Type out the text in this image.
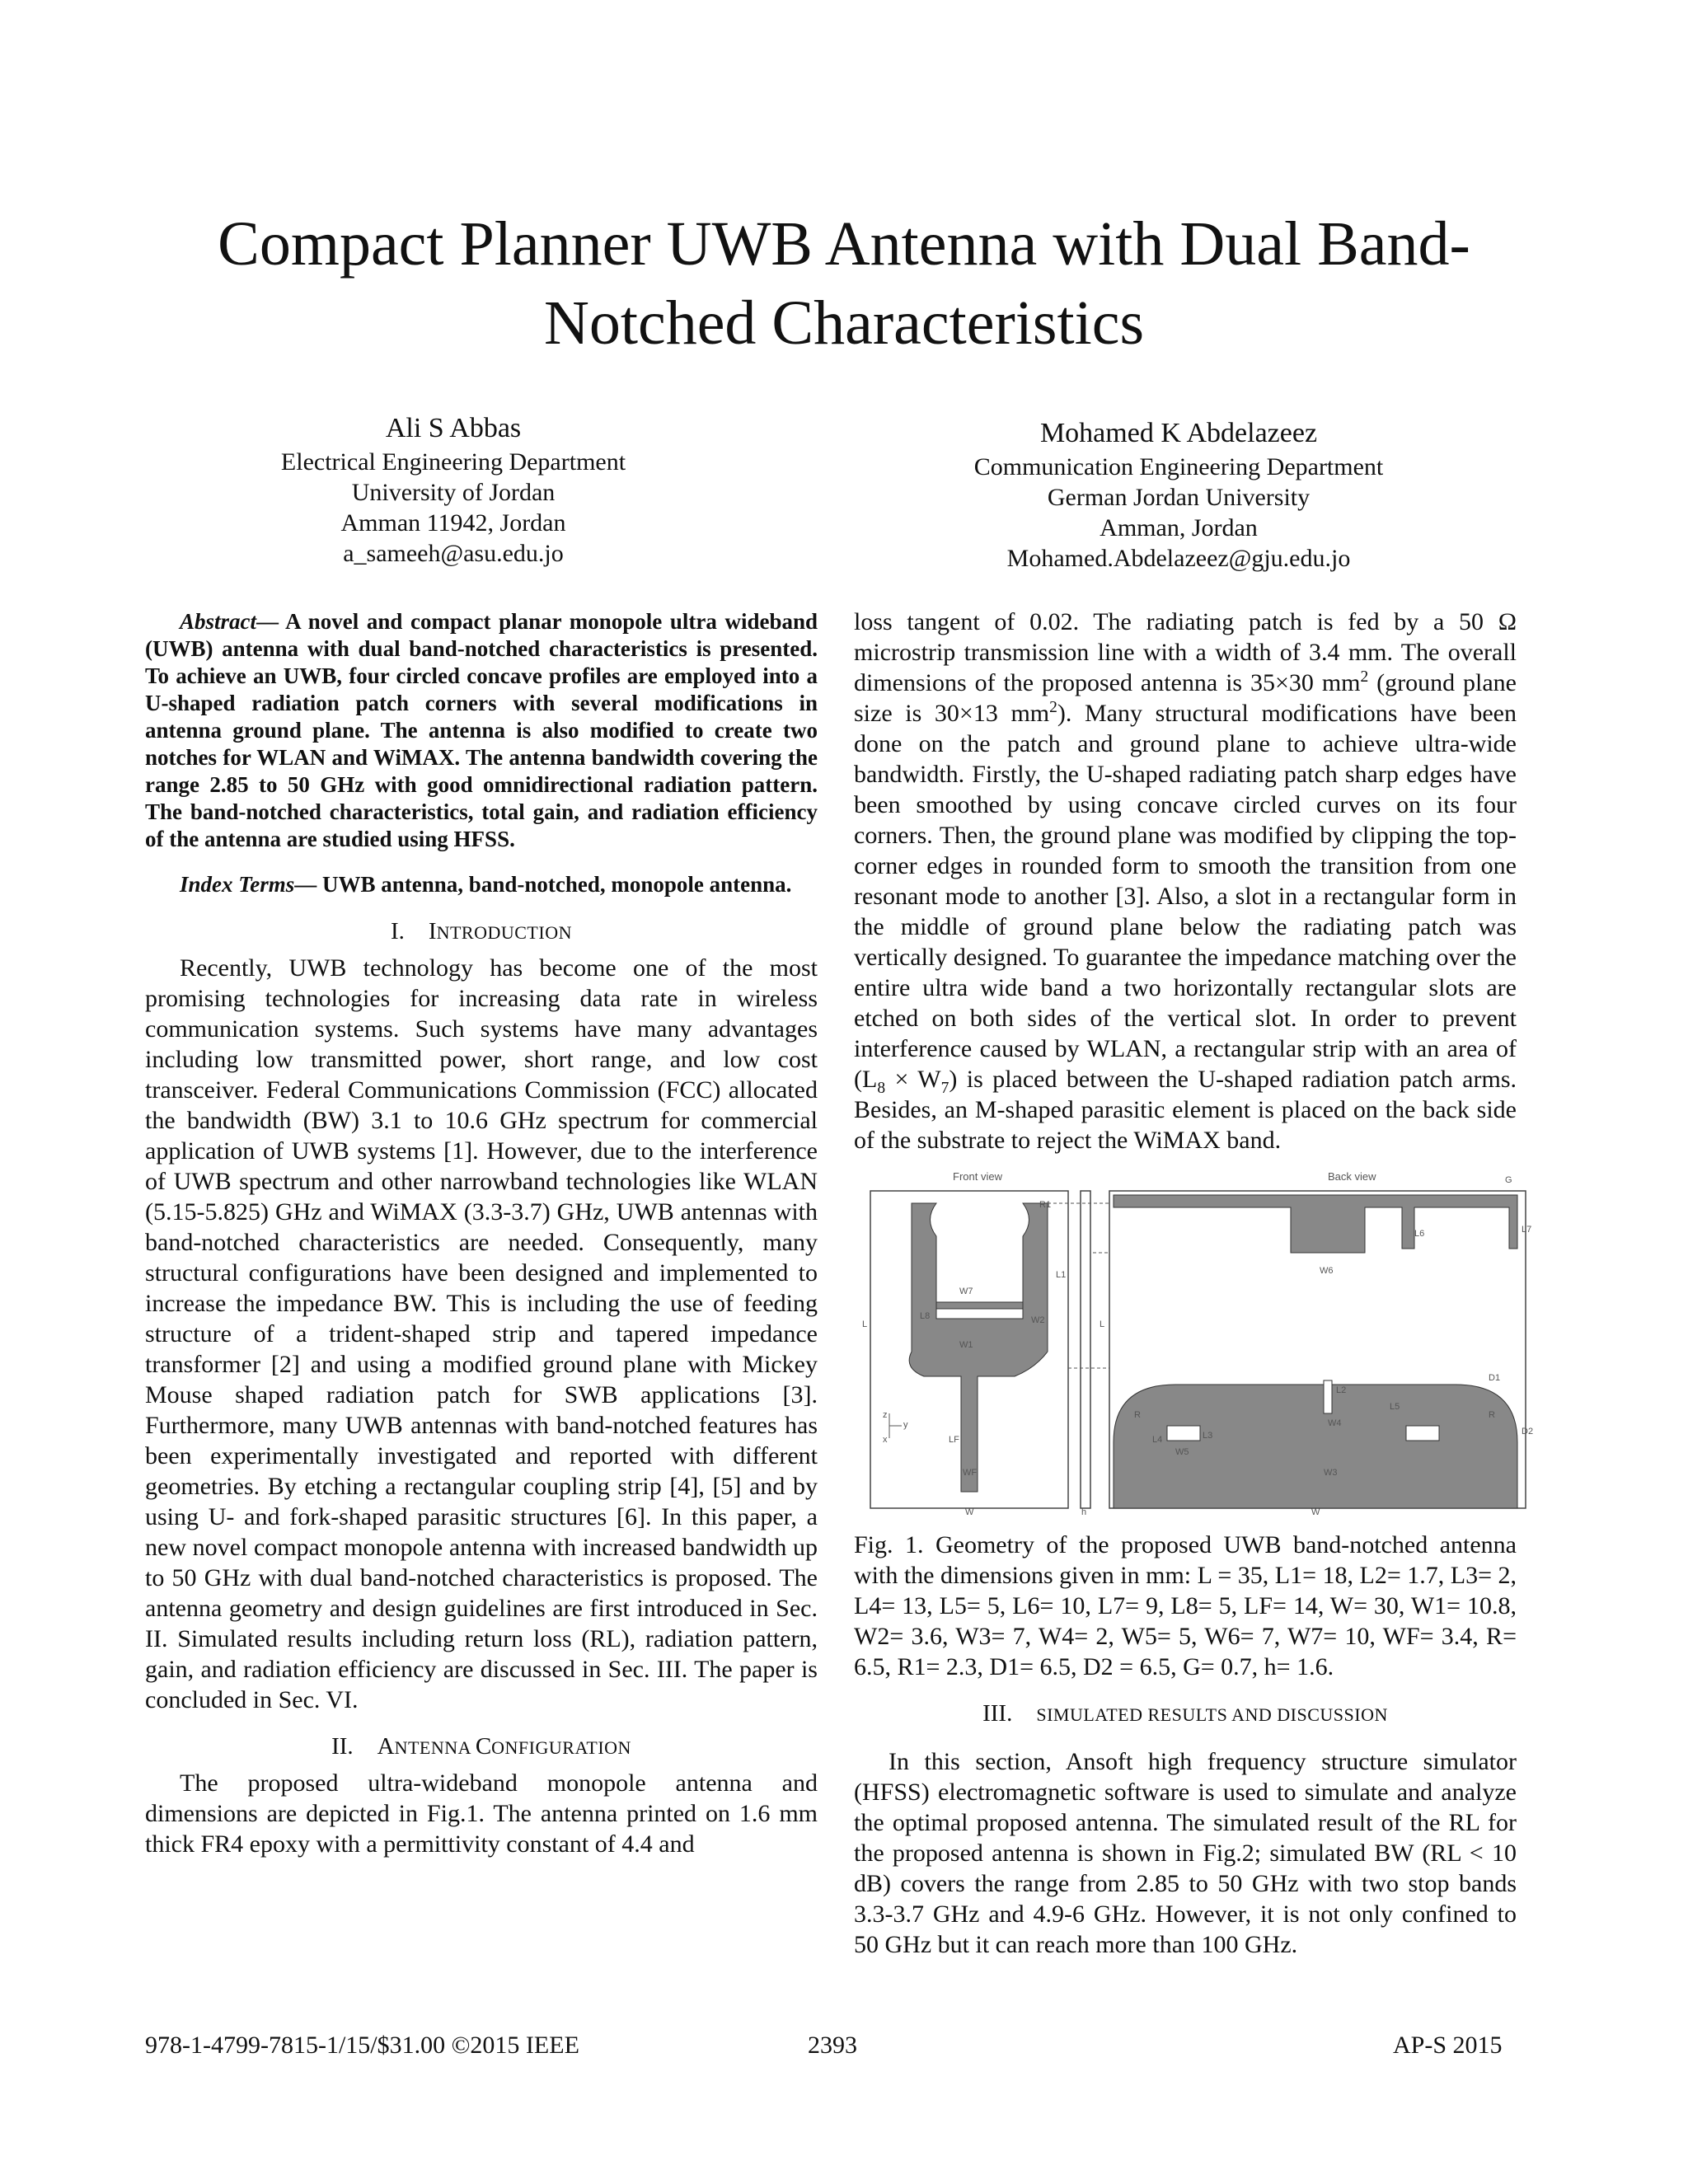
Compact Planner UWB Antenna with Dual Band-
Notched Characteristics
Ali S Abbas
Electrical Engineering Department
University of Jordan
Amman 11942, Jordan
a_sameeh@asu.edu.jo
Mohamed K Abdelazeez
Communication Engineering Department
German Jordan University
Amman, Jordan
Mohamed.Abdelazeez@gju.edu.jo

Abstract— A novel and compact planar monopole ultra wideband (UWB) antenna with dual band-notched characteristics is presented. To achieve an UWB, four circled concave profiles are employed into a U-shaped radiation patch corners with several modifications in antenna ground plane. The antenna is also modified to create two notches for WLAN and WiMAX. The antenna bandwidth covering the range 2.85 to 50 GHz with good omnidirectional radiation pattern. The band-notched characteristics, total gain, and radiation efficiency of the antenna are studied using HFSS.

Index Terms— UWB antenna, band-notched, monopole antenna.

I. INTRODUCTION

Recently, UWB technology has become one of the most promising technologies for increasing data rate in wireless communication systems. Such systems have many advantages including low transmitted power, short range, and low cost transceiver. Federal Communications Commission (FCC) allocated the bandwidth (BW) 3.1 to 10.6 GHz spectrum for commercial application of UWB systems [1]. However, due to the interference of UWB spectrum and other narrowband technologies like WLAN (5.15-5.825) GHz and WiMAX (3.3-3.7) GHz, UWB antennas with band-notched characteristics are needed. Consequently, many structural configurations have been designed and implemented to increase the impedance BW. This is including the use of feeding structure of a trident-shaped strip and tapered impedance transformer [2] and using a modified ground plane with Mickey Mouse shaped radiation patch for SWB applications [3]. Furthermore, many UWB antennas with band-notched features has been experimentally investigated and reported with different geometries. By etching a rectangular coupling strip [4], [5] and by using U- and fork-shaped parasitic structures [6]. In this paper, a new novel compact monopole antenna with increased bandwidth up to 50 GHz with dual band-notched characteristics is proposed. The antenna geometry and design guidelines are first introduced in Sec. II. Simulated results including return loss (RL), radiation pattern, gain, and radiation efficiency are discussed in Sec. III. The paper is concluded in Sec. VI.

II. ANTENNA CONFIGURATION

The proposed ultra-wideband monopole antenna and dimensions are depicted in Fig.1. The antenna printed on 1.6 mm thick FR4 epoxy with a permittivity constant of 4.4 and

loss tangent of 0.02. The radiating patch is fed by a 50 Ω microstrip transmission line with a width of 3.4 mm. The overall dimensions of the proposed antenna is 35×30 $mm^2$ (ground plane size is 30×13 $mm^2$). Many structural modifications have been done on the patch and ground plane to achieve ultra-wide bandwidth. Firstly, the U-shaped radiating patch sharp edges have been smoothed by using concave circled curves on its four corners. Then, the ground plane was modified by clipping the top-corner edges in rounded form to smooth the transition from one resonant mode to another [3]. Also, a slot in a rectangular form in the middle of ground plane below the radiating patch was vertically designed. To guarantee the impedance matching over the entire ultra wide band a two horizontally rectangular slots are etched on both sides of the vertical slot. In order to prevent interference caused by WLAN, a rectangular strip with an area of $(L_8 \times W_7)$ is placed between the U-shaped radiation patch arms. Besides, an M-shaped parasitic element is placed on the back side of the substrate to reject the WiMAX band.

Front view
W7
L8	W2
W1
L1
R1
L
LF
WF
W
z
y
x
h
Back view	G
L6	L7
W6
L
D1
D2
L2
L3
L4
L5
W4
W5
W3
R	R
W

Fig. 1. Geometry of the proposed UWB band-notched antenna with the dimensions given in mm: L = 35, L1= 18, L2= 1.7, L3= 2, L4= 13, L5= 5, L6= 10, L7= 9, L8= 5, LF= 14, W= 30, W1= 10.8, W2= 3.6, W3= 7, W4= 2, W5= 5, W6= 7, W7= 10, WF= 3.4, R= 6.5, R1= 2.3, D1= 6.5, D2 = 6.5, G= 0.7, h= 1.6.

III. SIMULATED RESULTS AND DISCUSSION

In this section, Ansoft high frequency structure simulator (HFSS) electromagnetic software is used to simulate and analyze the optimal proposed antenna. The simulated result of the RL for the proposed antenna is shown in Fig.2; simulated BW (RL < 10 dB) covers the range from 2.85 to 50 GHz with two stop bands 3.3-3.7 GHz and 4.9-6 GHz. However, it is not only confined to 50 GHz but it can reach more than 100 GHz.

978-1-4799-7815-1/15/$31.00 ©2015 IEEE	2393	AP-S 2015
